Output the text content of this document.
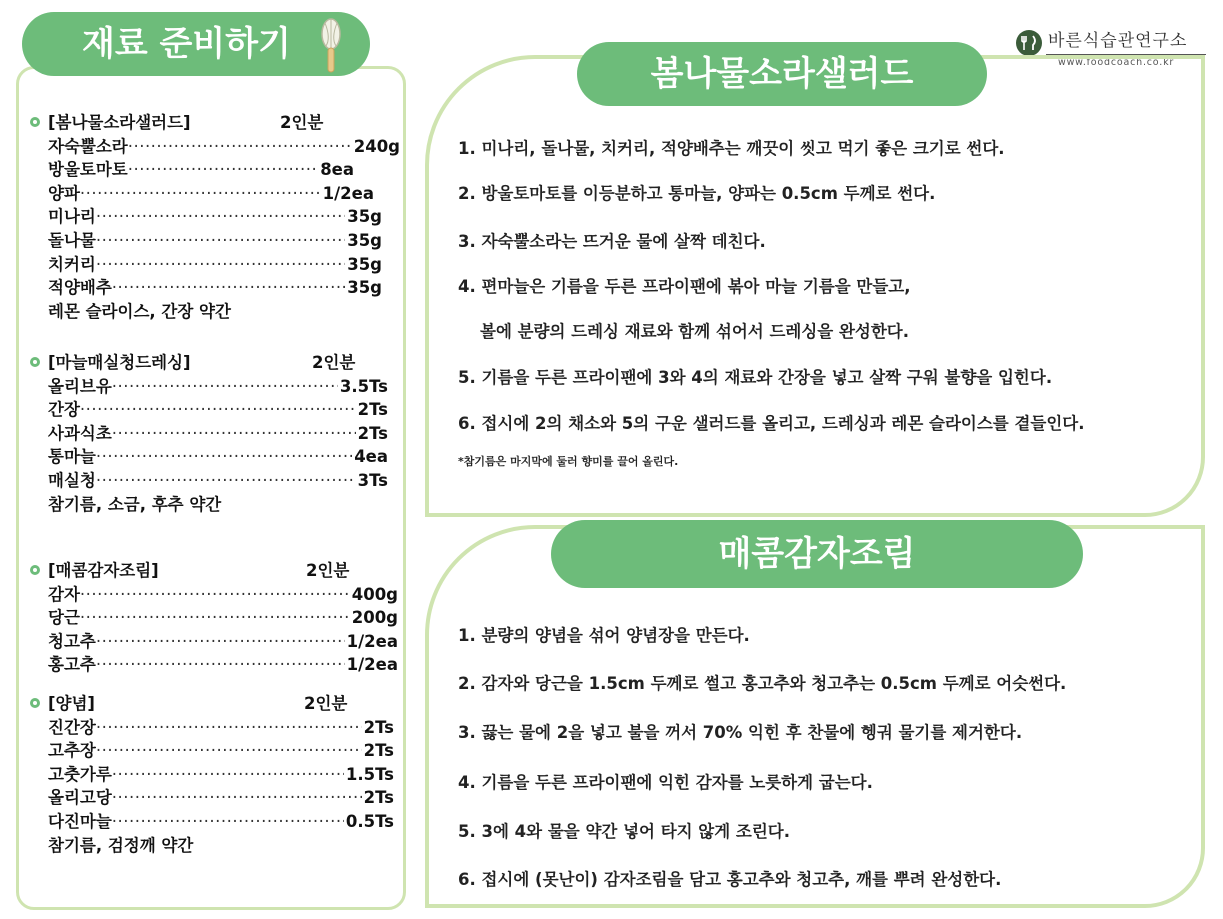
재료 준비하기
[봄나물소라샐러드]	2인분
자숙뿔소라 ·····	240g
방울토마토 ·····	8ea
양파 ·····	1/2ea
미나리 ·····	35g
돌나물 ·····	35g
치커리 ·····	35g
적양배추 ·····	35g
레몬 슬라이스, 간장 약간
[마늘매실청드레싱]	2인분
올리브유 ·····	3.5Ts
간장 ·····	2Ts
사과식초 ·····	2Ts
통마늘 ·····	4ea
매실청 ·····	3Ts
참기름, 소금, 후추 약간
[매콤감자조림]	2인분
감자 ·····	400g
당근 ·····	200g
청고추 ·····	1/2ea
홍고추 ·····	1/2ea
[양념]	2인분
진간장 ·····	2Ts
고추장 ·····	2Ts
고춧가루 ·····	1.5Ts
올리고당 ·····	2Ts
다진마늘 ·····	0.5Ts
참기름, 검정깨 약간
바른식습관연구소
www.foodcoach.co.kr
봄나물소라샐러드
1. 미나리, 돌나물, 치커리, 적양배추는 깨끗이 씻고 먹기 좋은 크기로 썬다.
2. 방울토마토를 이등분하고 통마늘, 양파는 0.5cm 두께로 썬다.
3. 자숙뿔소라는 뜨거운 물에 살짝 데친다.
4. 편마늘은 기름을 두른 프라이팬에 볶아 마늘 기름을 만들고,
볼에 분량의 드레싱 재료와 함께 섞어서 드레싱을 완성한다.
5. 기름을 두른 프라이팬에 3와 4의 재료와 간장을 넣고 살짝 구워 불향을 입힌다.
6. 접시에 2의 채소와 5의 구운 샐러드를 올리고, 드레싱과 레몬 슬라이스를 곁들인다.
*참기름은 마지막에 둘러 향미를 끌어 올린다.
매콤감자조림
1. 분량의 양념을 섞어 양념장을 만든다.
2. 감자와 당근을 1.5cm 두께로 썰고 홍고추와 청고추는 0.5cm 두께로 어슷썬다.
3. 끓는 물에 2을 넣고 불을 꺼서 70% 익힌 후 찬물에 헹궈 물기를 제거한다.
4. 기름을 두른 프라이팬에 익힌 감자를 노릇하게 굽는다.
5. 3에 4와 물을 약간 넣어 타지 않게 조린다.
6. 접시에 (못난이) 감자조림을 담고 홍고추와 청고추, 깨를 뿌려 완성한다.
